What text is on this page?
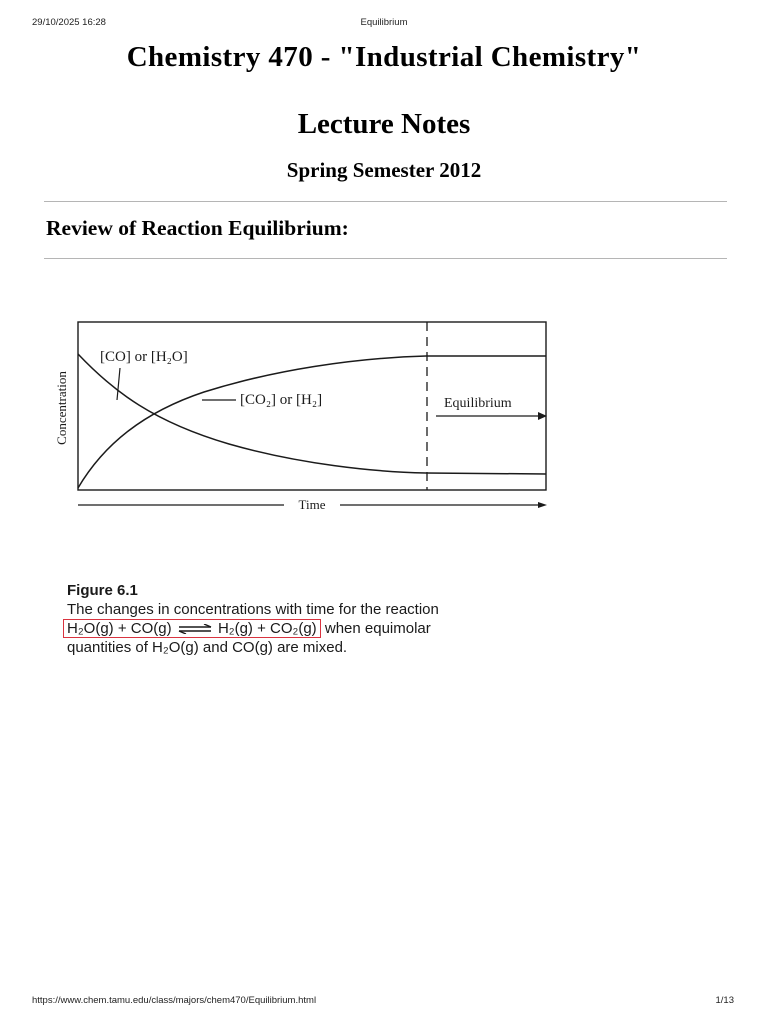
29/10/2025 16:28	Equilibrium
Chemistry 470 - "Industrial Chemistry"
Lecture Notes
Spring Semester 2012
Review of Reaction Equilibrium:
Concentration
[CO] or [H₂O]
[CO₂] or [H₂]	Equilibrium
Time
Figure 6.1
The changes in concentrations with time for the reaction
H₂O(g) + CO(g) ⇌ H₂(g) + CO₂(g) when equimolar
quantities of H₂O(g) and CO(g) are mixed.
https://www.chem.tamu.edu/class/majors/chem470/Equilibrium.html	1/13
